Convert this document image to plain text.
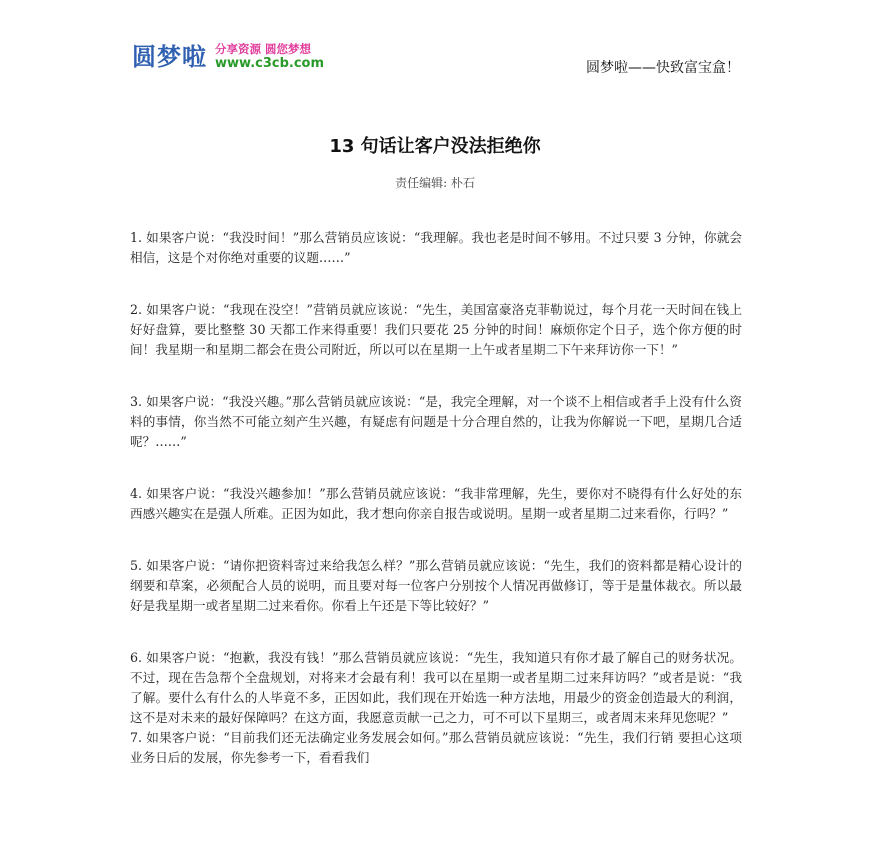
圆梦啦 分享资源 圆您梦想
www.c3cb.com	圆梦啦——快致富宝盒！
13 句话让客户没法拒绝你
责任编辑: 朴石

1. 如果客户说：“我没时间！”那么营销员应该说：“我理解。我也老是时间不够用。不过只要 3 分钟，你就会相信，这是个对你绝对重要的议题……”

2. 如果客户说：“我现在没空！”营销员就应该说：“先生，美国富豪洛克菲勒说过，每个月花一天时间在钱上好好盘算，要比整整 30 天都工作来得重要！我们只要花 25 分钟的时间！麻烦你定个日子，选个你方便的时间！我星期一和星期二都会在贵公司附近，所以可以在星期一上午或者星期二下午来拜访你一下！”

3. 如果客户说：“我没兴趣。”那么营销员就应该说：“是，我完全理解，对一个谈不上相信或者手上没有什么资料的事情，你当然不可能立刻产生兴趣，有疑虑有问题是十分合理自然的，让我为你解说一下吧，星期几合适呢？……”

4. 如果客户说：“我没兴趣参加！”那么营销员就应该说：“我非常理解，先生，要你对不晓得有什么好处的东西感兴趣实在是强人所难。正因为如此，我才想向你亲自报告或说明。星期一或者星期二过来看你，行吗？”

5. 如果客户说：“请你把资料寄过来给我怎么样？”那么营销员就应该说：“先生，我们的资料都是精心设计的纲要和草案，必须配合人员的说明，而且要对每一位客户分别按个人情况再做修订，等于是量体裁衣。所以最好是我星期一或者星期二过来看你。你看上午还是下等比较好？”

6. 如果客户说：“抱歉，我没有钱！”那么营销员就应该说：“先生，我知道只有你才最了解自己的财务状况。不过，现在告急帮个全盘规划，对将来才会最有利！我可以在星期一或者星期二过来拜访吗？”或者是说：“我了解。要什么有什么的人毕竟不多，正因如此，我们现在开始选一种方法地，用最少的资金创造最大的利润，这不是对未来的最好保障吗？在这方面，我愿意贡献一己之力，可不可以下星期三，或者周末来拜见您呢？”

7. 如果客户说：“目前我们还无法确定业务发展会如何。”那么营销员就应该说：“先生，我们行销 要担心这项业务日后的发展，你先参考一下，看看我们
